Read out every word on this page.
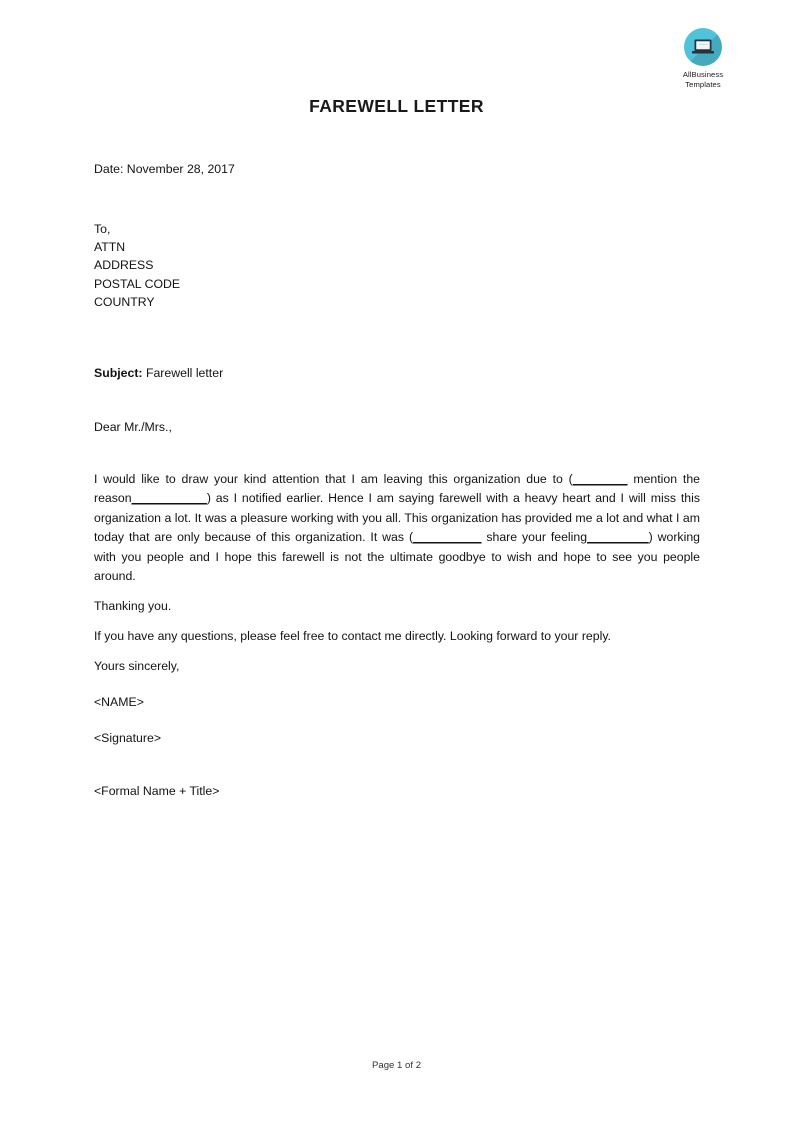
AllBusiness
Templates
FAREWELL LETTER
Date: November 28, 2017
To,
ATTN
ADDRESS
POSTAL CODE
COUNTRY
Subject: Farewell letter
Dear Mr./Mrs.,
I would like to draw your kind attention that I am leaving this organization due to (________ mention the reason___________) as I notified earlier. Hence I am saying farewell with a heavy heart and I will miss this organization a lot. It was a pleasure working with you all. This organization has provided me a lot and what I am today that are only because of this organization. It was (__________ share your feeling_________) working with you people and I hope this farewell is not the ultimate goodbye to wish and hope to see you people around.
Thanking you.
If you have any questions, please feel free to contact me directly. Looking forward to your reply.
Yours sincerely,
<NAME>
<Signature>
<Formal Name + Title>
Page 1 of 2
